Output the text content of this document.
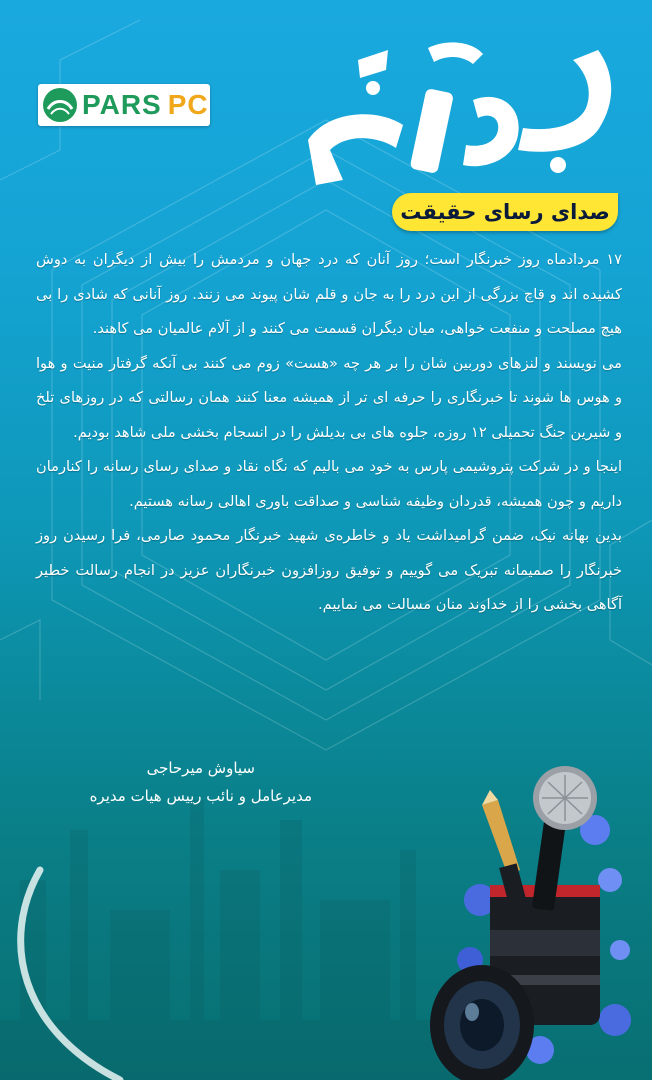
PARS PC
صدای رسای حقیقت

۱۷ مردادماه روز خبرنگار است؛ روز آنان که درد جهان و مردمش را بیش از دیگران به دوش کشیده اند و قاچ بزرگی از این درد را به جان و قلم شان پیوند می زنند. روز آنانی که شادی را بی هیچ مصلحت و منفعت خواهی، میان دیگران قسمت می کنند و از آلام عالمیان می کاهند.

می نویسند و لنزهای دوربین شان را بر هر چه «هست» زوم می کنند بی آنکه گرفتار منیت و هوا و هوس ها شوند تا خبرنگاری را حرفه ای تر از همیشه معنا کنند همان رسالتی که در روزهای تلخ و شیرین جنگ تحمیلی ۱۲ روزه، جلوه های بی بدیلش را در انسجام بخشی ملی شاهد بودیم.

اینجا و در شرکت پتروشیمی پارس به خود می بالیم که نگاه نقاد و صدای رسای رسانه را کنارمان داریم و چون همیشه، قدردان وظیفه شناسی و صداقت باوری اهالی رسانه هستیم.

بدین بهانه نیک، ضمن گرامیداشت یاد و خاطره‌ی شهید خبرنگار محمود صارمی، فرا رسیدن روز خبرنگار را صمیمانه تبریک می گوییم و توفیق روزافزون خبرنگاران عزیز در انجام رسالت خطیر آگاهی بخشی را از خداوند منان مسالت می نماییم.

سیاوش میرحاجی
مدیرعامل و نائب رییس هیات مدیره
